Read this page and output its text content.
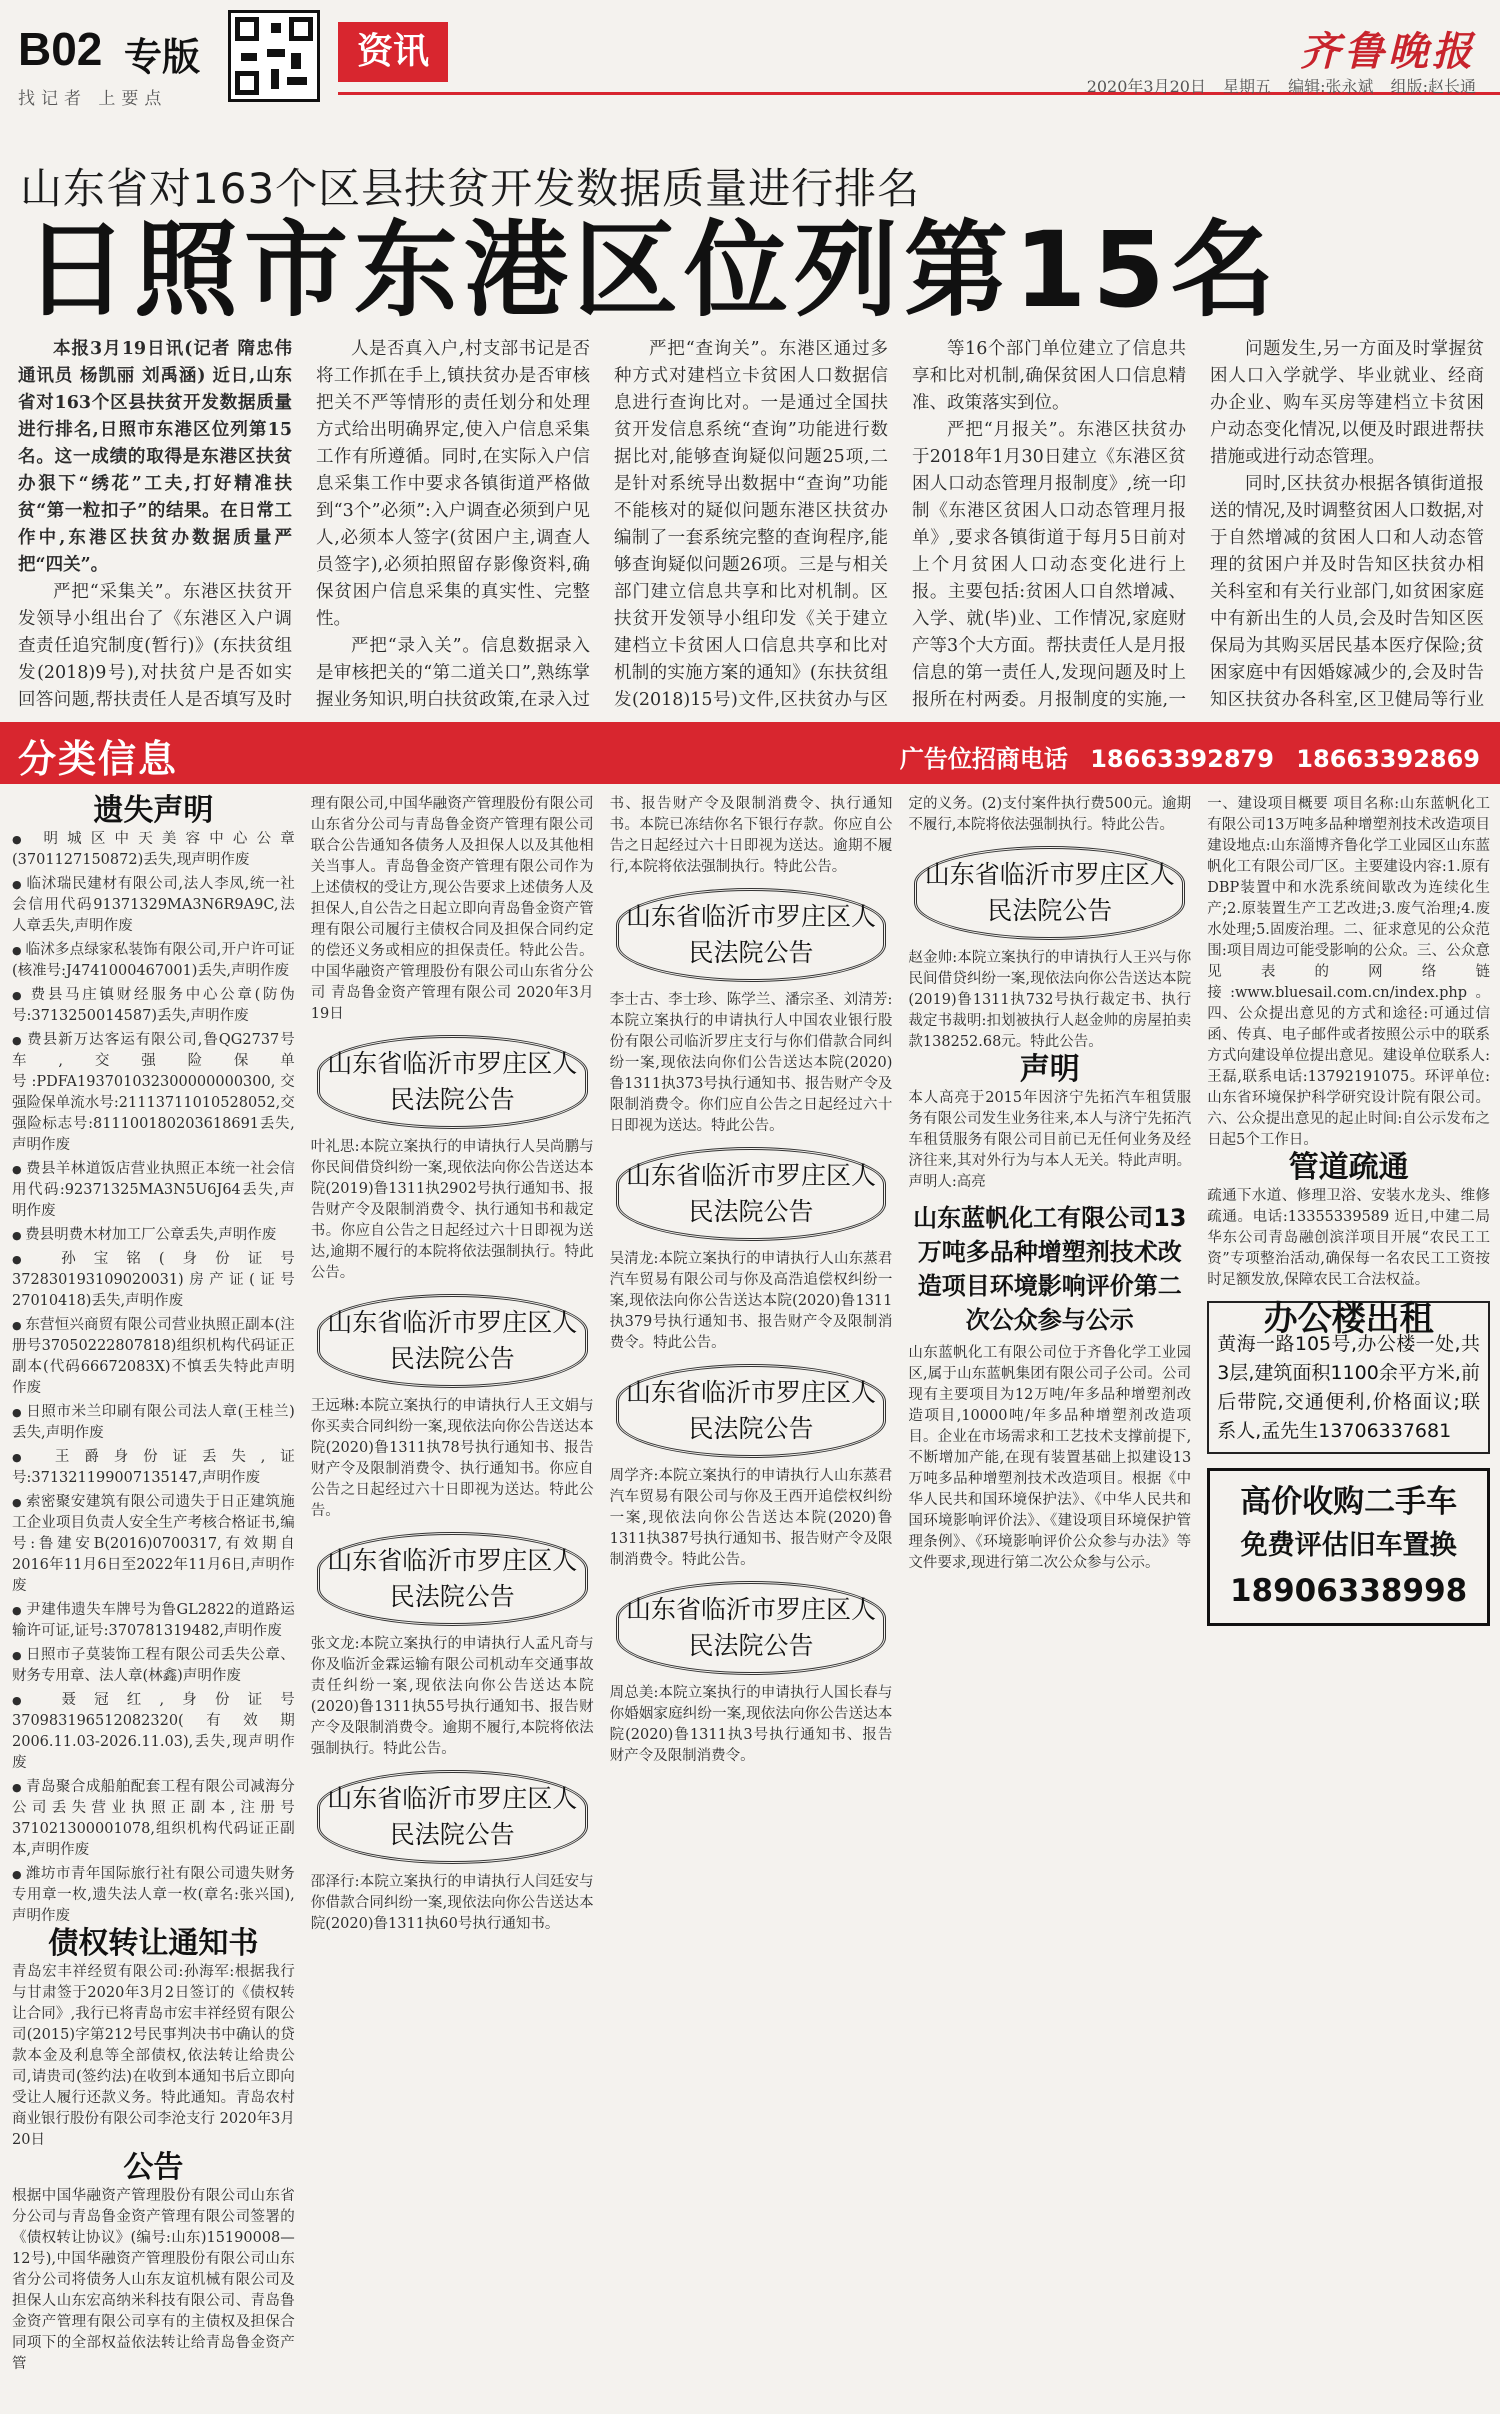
B02 专版
找记者 上要点
资讯	齐鲁晚报
2020年3月20日 星期五 编辑:张永斌 组版:赵长通
山东省对163个区县扶贫开发数据质量进行排名
日照市东港区位列第15名

本报3月19日讯(记者 隋忠伟 通讯员 杨凯丽 刘禹涵) 近日,山东省对163个区县扶贫开发数据质量进行排名,日照市东港区位列第15名。这一成绩的取得是东港区扶贫办狠下“绣花”工夫,打好精准扶贫“第一粒扣子”的结果。在日常工作中,东港区扶贫办数据质量严把“四关”。

严把“采集关”。东港区扶贫开发领导小组出台了《东港区入户调查责任追究制度(暂行)》(东扶贫组发(2018)9号),对扶贫户是否如实回答问题,帮扶责任人是否填写及时

人是否真入户,村支部书记是否将工作抓在手上,镇扶贫办是否审核把关不严等情形的责任划分和处理方式给出明确界定,使入户信息采集工作有所遵循。同时,在实际入户信息采集工作中要求各镇街道严格做到“3个”必须”:入户调查必须到户见人,必须本人签字(贫困户主,调查人员签字),必须拍照留存影像资料,确保贫困户信息采集的真实性、完整性。

严把“录入关”。信息数据录入是审核把关的“第二道关口”,熟练掌握业务知识,明白扶贫政策,在录入过

严把“查询关”。东港区通过多种方式对建档立卡贫困人口数据信息进行查询比对。一是通过全国扶贫开发信息系统“查询”功能进行数据比对,能够查询疑似问题25项,二是针对系统导出数据中“查询”功能不能核对的疑似问题东港区扶贫办编制了一套系统完整的查询程序,能够查询疑似问题26项。三是与相关部门建立信息共享和比对机制。区扶贫开发领导小组印发《关于建立建档立卡贫困人口信息共享和比对机制的实施方案的通知》(东扶贫组发(2018)15号)文件,区扶贫办与区

等16个部门单位建立了信息共享和比对机制,确保贫困人口信息精准、政策落实到位。

严把“月报关”。东港区扶贫办于2018年1月30日建立《东港区贫困人口动态管理月报制度》,统一印制《东港区贫困人口动态管理月报单》,要求各镇街道于每月5日前对上个月贫困人口动态变化进行上报。主要包括:贫困人口自然增减、入学、就(毕)业、工作情况,家庭财产等3个大方面。帮扶责任人是月报信息的第一责任人,发现问题及时上报所在村两委。月报制度的实施,一

问题发生,另一方面及时掌握贫困人口入学就学、毕业就业、经商办企业、购车买房等建档立卡贫困户动态变化情况,以便及时跟进帮扶措施或进行动态管理。

同时,区扶贫办根据各镇街道报送的情况,及时调整贫困人口数据,对于自然增减的贫困人口和人动态管理的贫困户并及时告知区扶贫办相关科室和有关行业部门,如贫困家庭中有新出生的人员,会及时告知区医保局为其购买居民基本医疗保险;贫困家庭中有因婚嫁减少的,会及时告知区扶贫办各科室,区卫健局等行业

分类信息	广告位招商电话 18663392879 18663392869
遗失声明

● 明城区中天美容中心公章(3701127150872)丢失,现声明作废

● 临沭瑞民建材有限公司,法人李凤,统一社会信用代码91371329MA3N6R9A9C,法人章丢失,声明作废

● 临沭多点绿家私装饰有限公司,开户许可证(核准号:J4741000467001)丢失,声明作废

● 费县马庄镇财经服务中心公章(防伪号:3713250014587)丢失,声明作废

● 费县新万达客运有限公司,鲁QG2737号车,交强险保单号:PDFA193701032300000000300,交强险保单流水号:21113711010528052,交强险标志号:811100180203618691丢失,声明作废

● 费县羊林道饭店营业执照正本统一社会信用代码:92371325MA3N5U6J64丢失,声明作废

● 费县明费木材加工厂公章丢失,声明作废

● 孙宝铭(身份证号372830193109020031)房产证(证号27010418)丢失,声明作废

● 东营恒兴商贸有限公司营业执照正副本(注册号37050222807818)组织机构代码证正副本(代码66672083X)不慎丢失特此声明作废

● 日照市米兰印刷有限公司法人章(王桂兰)丢失,声明作废

● 王爵身份证丢失,证号:371321199007135147,声明作废

● 索密聚安建筑有限公司遗失于日正建筑施工企业项目负责人安全生产考核合格证书,编号:鲁建安B(2016)0700317,有效期自2016年11月6日至2022年11月6日,声明作废

● 尹建伟遗失车牌号为鲁GL2822的道路运输许可证,证号:370781319482,声明作废

● 日照市子莫装饰工程有限公司丢失公章、财务专用章、法人章(林鑫)声明作废

● 聂冠红,身份证号370983196512082320(有效期2006.11.03-2026.11.03),丢失,现声明作废

● 青岛聚合成船舶配套工程有限公司减海分公司丢失营业执照正副本,注册号371021300001078,组织机构代码证正副本,声明作废

● 潍坊市青年国际旅行社有限公司遗失财务专用章一枚,遗失法人章一枚(章名:张兴国),声明作废

债权转让通知书

青岛宏丰祥经贸有限公司:孙海军:根据我行与甘肃签于2020年3月2日签订的《债权转让合同》,我行已将青岛市宏丰祥经贸有限公司(2015)字第212号民事判决书中确认的贷款本金及利息等全部债权,依法转让给贵公司,请贵司(签约法)在收到本通知书后立即向受让人履行还款义务。特此通知。青岛农村商业银行股份有限公司李沧支行 2020年3月20日

公告

根据中国华融资产管理股份有限公司山东省分公司与青岛鲁金资产管理有限公司签署的《债权转让协议》(编号:山东)15190008—12号),中国华融资产管理股份有限公司山东省分公司将债务人山东友谊机械有限公司及担保人山东宏高纳米科技有限公司、青岛鲁金资产管理有限公司享有的主债权及担保合同项下的全部权益依法转让给青岛鲁金资产管

理有限公司,中国华融资产管理股份有限公司山东省分公司与青岛鲁金资产管理有限公司联合公告通知各债务人及担保人以及其他相关当事人。青岛鲁金资产管理有限公司作为上述债权的受让方,现公告要求上述债务人及担保人,自公告之日起立即向青岛鲁金资产管理有限公司履行主债权合同及担保合同约定的偿还义务或相应的担保责任。特此公告。中国华融资产管理股份有限公司山东省分公司 青岛鲁金资产管理有限公司 2020年3月19日

山东省临沂市罗庄区人民法院公告

叶礼思:本院立案执行的申请执行人吴尚鹏与你民间借贷纠纷一案,现依法向你公告送达本院(2019)鲁1311执2902号执行通知书、报告财产令及限制消费令、执行通知书和裁定书。你应自公告之日起经过六十日即视为送达,逾期不履行的本院将依法强制执行。特此公告。

山东省临沂市罗庄区人民法院公告

王远琳:本院立案执行的申请执行人王文娟与你买卖合同纠纷一案,现依法向你公告送达本院(2020)鲁1311执78号执行通知书、报告财产令及限制消费令、执行通知书。你应自公告之日起经过六十日即视为送达。特此公告。

山东省临沂市罗庄区人民法院公告

张文龙:本院立案执行的申请执行人孟凡奇与你及临沂金霖运输有限公司机动车交通事故责任纠纷一案,现依法向你公告送达本院(2020)鲁1311执55号执行通知书、报告财产令及限制消费令。逾期不履行,本院将依法强制执行。特此公告。

山东省临沂市罗庄区人民法院公告

邵泽行:本院立案执行的申请执行人闫廷安与你借款合同纠纷一案,现依法向你公告送达本院(2020)鲁1311执60号执行通知书。

书、报告财产令及限制消费令、执行通知书。本院已冻结你名下银行存款。你应自公告之日起经过六十日即视为送达。逾期不履行,本院将依法强制执行。特此公告。

山东省临沂市罗庄区人民法院公告

李士古、李士珍、陈学兰、潘宗圣、刘清芳:本院立案执行的申请执行人中国农业银行股份有限公司临沂罗庄支行与你们借款合同纠纷一案,现依法向你们公告送达本院(2020)鲁1311执373号执行通知书、报告财产令及限制消费令。你们应自公告之日起经过六十日即视为送达。特此公告。

山东省临沂市罗庄区人民法院公告

吴清龙:本院立案执行的申请执行人山东蒸君汽车贸易有限公司与你及高浩追偿权纠纷一案,现依法向你公告送达本院(2020)鲁1311执379号执行通知书、报告财产令及限制消费令。特此公告。

山东省临沂市罗庄区人民法院公告

周学齐:本院立案执行的申请执行人山东蒸君汽车贸易有限公司与你及王西开追偿权纠纷一案,现依法向你公告送达本院(2020)鲁1311执387号执行通知书、报告财产令及限制消费令。特此公告。

山东省临沂市罗庄区人民法院公告

周总美:本院立案执行的申请执行人国长春与你婚姻家庭纠纷一案,现依法向你公告送达本院(2020)鲁1311执3号执行通知书、报告财产令及限制消费令。

定的义务。(2)支付案件执行费500元。逾期不履行,本院将依法强制执行。特此公告。

山东省临沂市罗庄区人民法院公告

赵金帅:本院立案执行的申请执行人王兴与你民间借贷纠纷一案,现依法向你公告送达本院(2019)鲁1311执732号执行裁定书、执行裁定书裁明:扣划被执行人赵金帅的房屋拍卖款138252.68元。特此公告。

声明

本人高亮于2015年因济宁先拓汽车租赁服务有限公司发生业务往来,本人与济宁先拓汽车租赁服务有限公司目前已无任何业务及经济往来,其对外行为与本人无关。特此声明。声明人:高亮

山东蓝帆化工有限公司13万吨多品种增塑剂技术改造项目环境影响评价第二次公众参与公示

山东蓝帆化工有限公司位于齐鲁化学工业园区,属于山东蓝帆集团有限公司子公司。公司现有主要项目为12万吨/年多品种增塑剂改造项目,10000吨/年多品种增塑剂改造项目。企业在市场需求和工艺技术支撑前提下,不断增加产能,在现有装置基础上拟建设13万吨多品种增塑剂技术改造项目。根据《中华人民共和国环境保护法》、《中华人民共和国环境影响评价法》、《建设项目环境保护管理条例》、《环境影响评价公众参与办法》等文件要求,现进行第二次公众参与公示。

一、建设项目概要 项目名称:山东蓝帆化工有限公司13万吨多品种增塑剂技术改造项目 建设地点:山东淄博齐鲁化学工业园区山东蓝帆化工有限公司厂区。主要建设内容:1.原有DBP装置中和水洗系统间歇改为连续化生产;2.原装置生产工艺改进;3.废气治理;4.废水处理;5.固废治理。二、征求意见的公众范围:项目周边可能受影响的公众。三、公众意见表的网络链接:www.bluesail.com.cn/index.php。四、公众提出意见的方式和途径:可通过信函、传真、电子邮件或者按照公示中的联系方式向建设单位提出意见。建设单位联系人:王磊,联系电话:13792191075。环评单位:山东省环境保护科学研究设计院有限公司。六、公众提出意见的起止时间:自公示发布之日起5个工作日。

管道疏通

疏通下水道、修理卫浴、安装水龙头、维修疏通。电话:13355339589 近日,中建二局华东公司青岛融创滨洋项目开展“农民工工资”专项整治活动,确保每一名农民工工资按时足额发放,保障农民工合法权益。

办公楼出租
黄海一路105号,办公楼一处,共3层,建筑面积1100余平方米,前后带院,交通便利,价格面议;联系人,孟先生13706337681
高价收购二手车
免费评估旧车置换
18906338998
